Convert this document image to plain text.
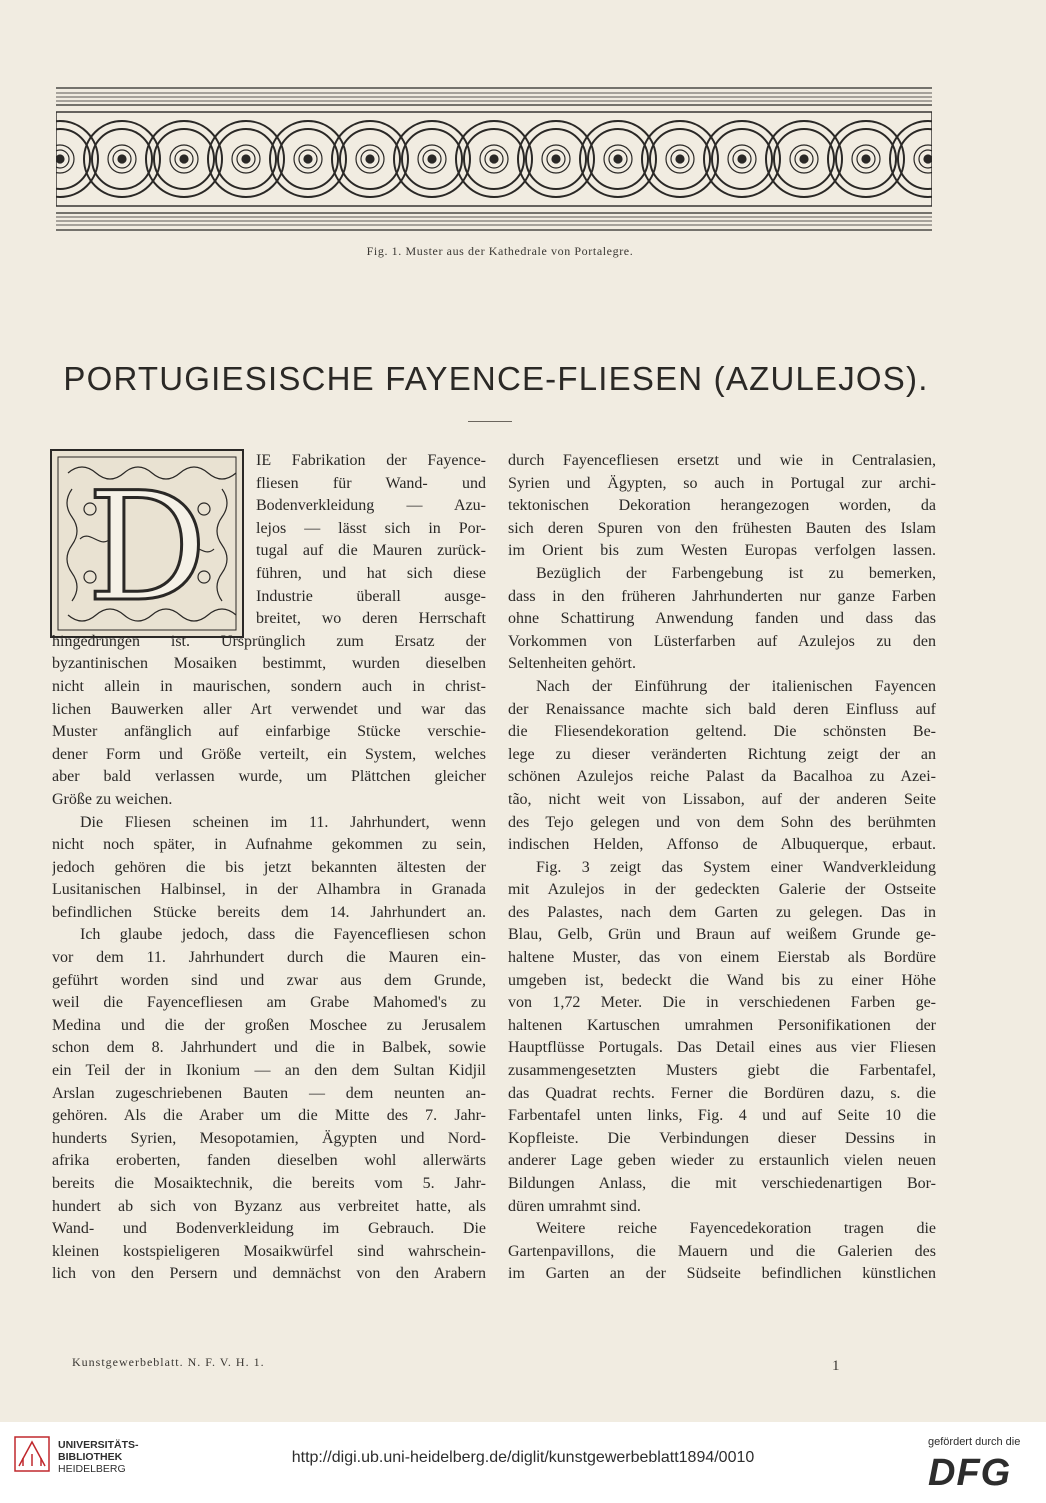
Fig. 1. Muster aus der Kathedrale von Portalegre.
PORTUGIESISCHE FAYENCE-FLIESEN (AZULEJOS).
D
IE Fabrikation der Fayence-
fliesen für Wand- und
Bodenverkleidung — Azu-
lejos — lässt sich in Por-
tugal auf die Mauren zurück-
führen, und hat sich diese
Industrie überall ausge-
breitet, wo deren Herrschaft
hingedrungen ist. Ursprünglich zum Ersatz der
byzantinischen Mosaiken bestimmt, wurden dieselben
nicht allein in maurischen, sondern auch in christ-
lichen Bauwerken aller Art verwendet und war das
Muster anfänglich auf einfarbige Stücke verschie-
dener Form und Größe verteilt, ein System, welches
aber bald verlassen wurde, um Plättchen gleicher
Größe zu weichen.
Die Fliesen scheinen im 11. Jahrhundert, wenn
nicht noch später, in Aufnahme gekommen zu sein,
jedoch gehören die bis jetzt bekannten ältesten der
Lusitanischen Halbinsel, in der Alhambra in Granada
befindlichen Stücke bereits dem 14. Jahrhundert an.
Ich glaube jedoch, dass die Fayencefliesen schon
vor dem 11. Jahrhundert durch die Mauren ein-
geführt worden sind und zwar aus dem Grunde,
weil die Fayencefliesen am Grabe Mahomed's zu
Medina und die der großen Moschee zu Jerusalem
schon dem 8. Jahrhundert und die in Balbek, sowie
ein Teil der in Ikonium — an den dem Sultan Kidjil
Arslan zugeschriebenen Bauten — dem neunten an-
gehören. Als die Araber um die Mitte des 7. Jahr-
hunderts Syrien, Mesopotamien, Ägypten und Nord-
afrika eroberten, fanden dieselben wohl allerwärts
bereits die Mosaiktechnik, die bereits vom 5. Jahr-
hundert ab sich von Byzanz aus verbreitet hatte, als
Wand- und Bodenverkleidung im Gebrauch. Die
kleinen kostspieligeren Mosaikwürfel sind wahrschein-
lich von den Persern und demnächst von den Arabern
durch Fayencefliesen ersetzt und wie in Centralasien,
Syrien und Ägypten, so auch in Portugal zur archi-
tektonischen Dekoration herangezogen worden, da
sich deren Spuren von den frühesten Bauten des Islam
im Orient bis zum Westen Europas verfolgen lassen.
Bezüglich der Farbengebung ist zu bemerken,
dass in den früheren Jahrhunderten nur ganze Farben
ohne Schattirung Anwendung fanden und dass das
Vorkommen von Lüsterfarben auf Azulejos zu den
Seltenheiten gehört.
Nach der Einführung der italienischen Fayencen
der Renaissance machte sich bald deren Einfluss auf
die Fliesendekoration geltend. Die schönsten Be-
lege zu dieser veränderten Richtung zeigt der an
schönen Azulejos reiche Palast da Bacalhoa zu Azei-
tão, nicht weit von Lissabon, auf der anderen Seite
des Tejo gelegen und von dem Sohn des berühmten
indischen Helden, Affonso de Albuquerque, erbaut.
Fig. 3 zeigt das System einer Wandverkleidung
mit Azulejos in der gedeckten Galerie der Ostseite
des Palastes, nach dem Garten zu gelegen. Das in
Blau, Gelb, Grün und Braun auf weißem Grunde ge-
haltene Muster, das von einem Eierstab als Bordüre
umgeben ist, bedeckt die Wand bis zu einer Höhe
von 1,72 Meter. Die in verschiedenen Farben ge-
haltenen Kartuschen umrahmen Personifikationen der
Hauptflüsse Portugals. Das Detail eines aus vier Fliesen
zusammengesetzten Musters giebt die Farbentafel,
das Quadrat rechts. Ferner die Bordüren dazu, s. die
Farbentafel unten links, Fig. 4 und auf Seite 10 die
Kopfleiste. Die Verbindungen dieser Dessins in
anderer Lage geben wieder zu erstaunlich vielen neuen
Bildungen Anlass, die mit verschiedenartigen Bor-
düren umrahmt sind.
Weitere reiche Fayencedekoration tragen die
Gartenpavillons, die Mauern und die Galerien des
im Garten an der Südseite befindlichen künstlichen
Kunstgewerbeblatt. N. F. V. H. 1.	1
UNIVERSITÄTS-
BIBLIOTHEK
HEIDELBERG
http://digi.ub.uni-heidelberg.de/diglit/kunstgewerbeblatt1894/0010
gefördert durch die
DFG
